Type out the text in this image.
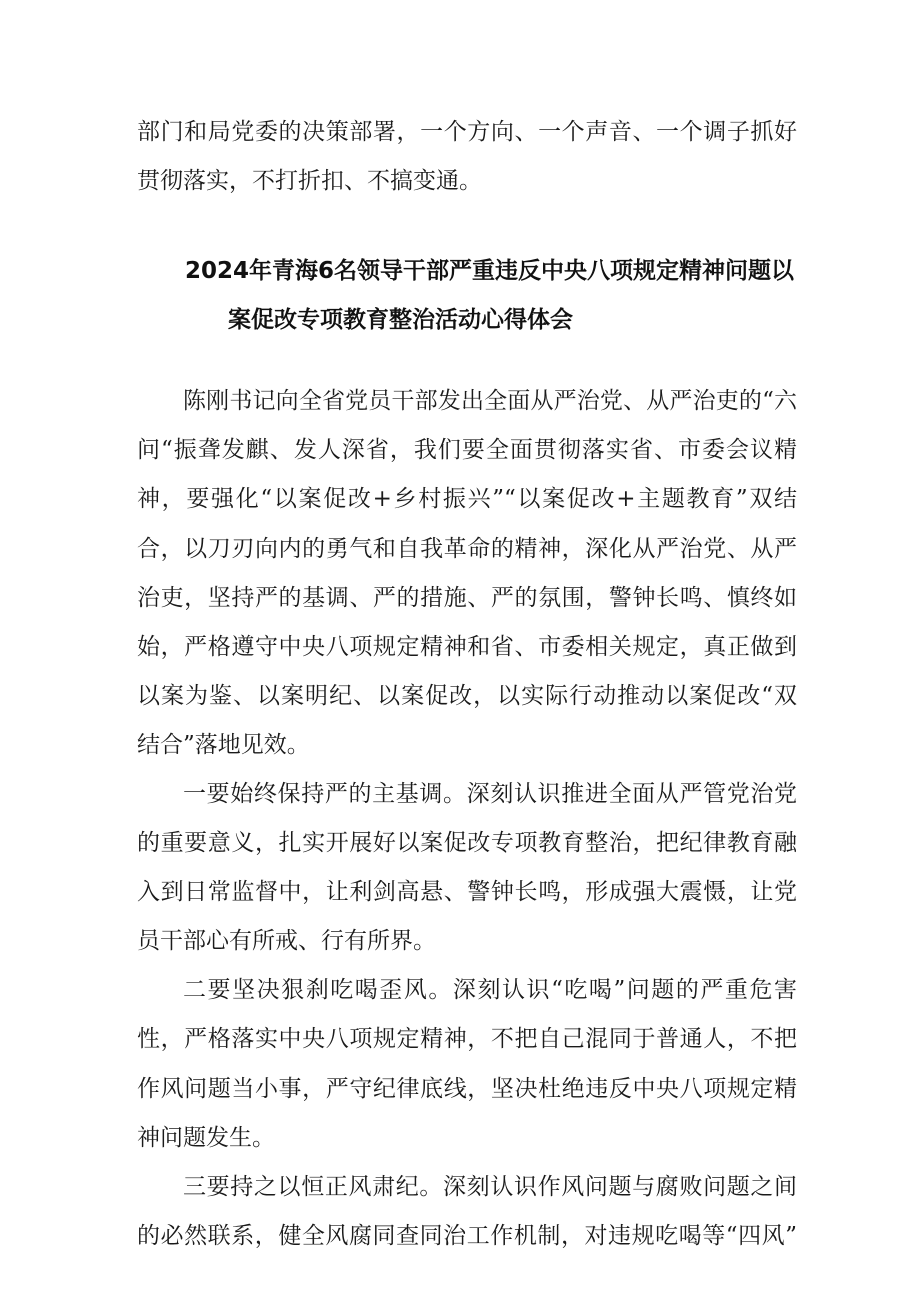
部门和局党委的决策部署，一个方向、一个声音、一个调子抓好
贯彻落实，不打折扣、不搞变通。
2024年青海6名领导干部严重违反中央八项规定精神问题以
案促改专项教育整治活动心得体会
陈刚书记向全省党员干部发出全面从严治党、从严治吏的“六
问“振聋发麒、发人深省，我们要全面贯彻落实省、市委会议精
神，要强化“以案促改+乡村振兴”“以案促改+主题教育”双结
合，以刀刃向内的勇气和自我革命的精神，深化从严治党、从严
治吏，坚持严的基调、严的措施、严的氛围，警钟长鸣、慎终如
始，严格遵守中央八项规定精神和省、市委相关规定，真正做到
以案为鉴、以案明纪、以案促改，以实际行动推动以案促改“双
结合”落地见效。
一要始终保持严的主基调。深刻认识推进全面从严管党治党
的重要意义，扎实开展好以案促改专项教育整治，把纪律教育融
入到日常监督中，让利剑高悬、警钟长鸣，形成强大震慑，让党
员干部心有所戒、行有所界。
二要坚决狠刹吃喝歪风。深刻认识“吃喝”问题的严重危害
性，严格落实中央八项规定精神，不把自己混同于普通人，不把
作风问题当小事，严守纪律底线，坚决杜绝违反中央八项规定精
神问题发生。
三要持之以恒正风肃纪。深刻认识作风问题与腐败问题之间
的必然联系，健全风腐同查同治工作机制，对违规吃喝等“四风”
